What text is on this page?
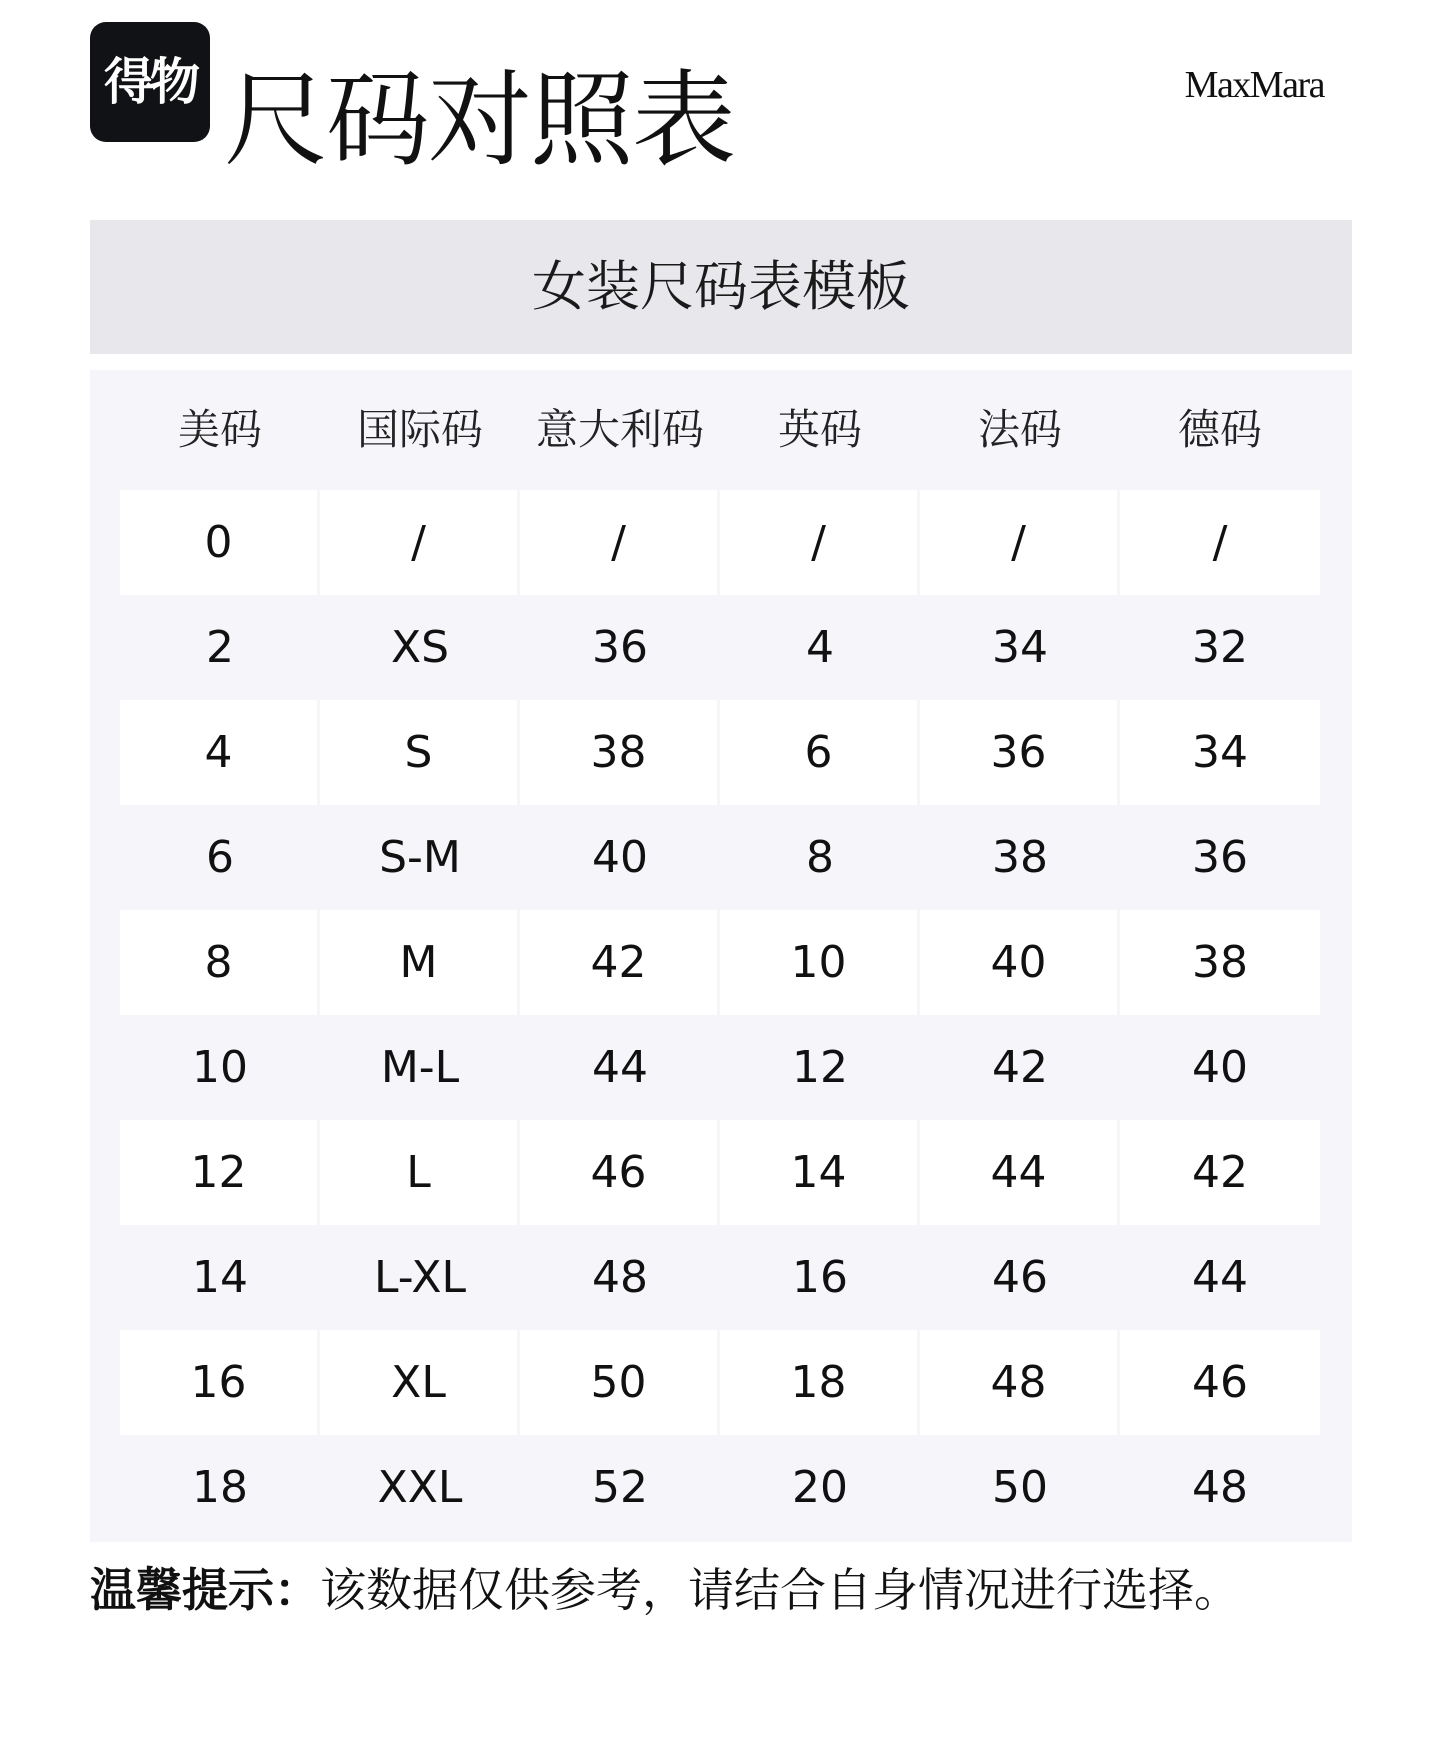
得物 尺码对照表	MaxMara
女装尺码表模板
美码	国际码	意大利码	英码	法码	德码
0	/	/	/	/	/
2	XS	36	4	34	32
4	S	38	6	36	34
6	S-M	40	8	38	36
8	M	42	10	40	38
10	M-L	44	12	42	40
12	L	46	14	44	42
14	L-XL	48	16	46	44
16	XL	50	18	48	46
18	XXL	52	20	50	48
温馨提示：该数据仅供参考，请结合自身情况进行选择。
